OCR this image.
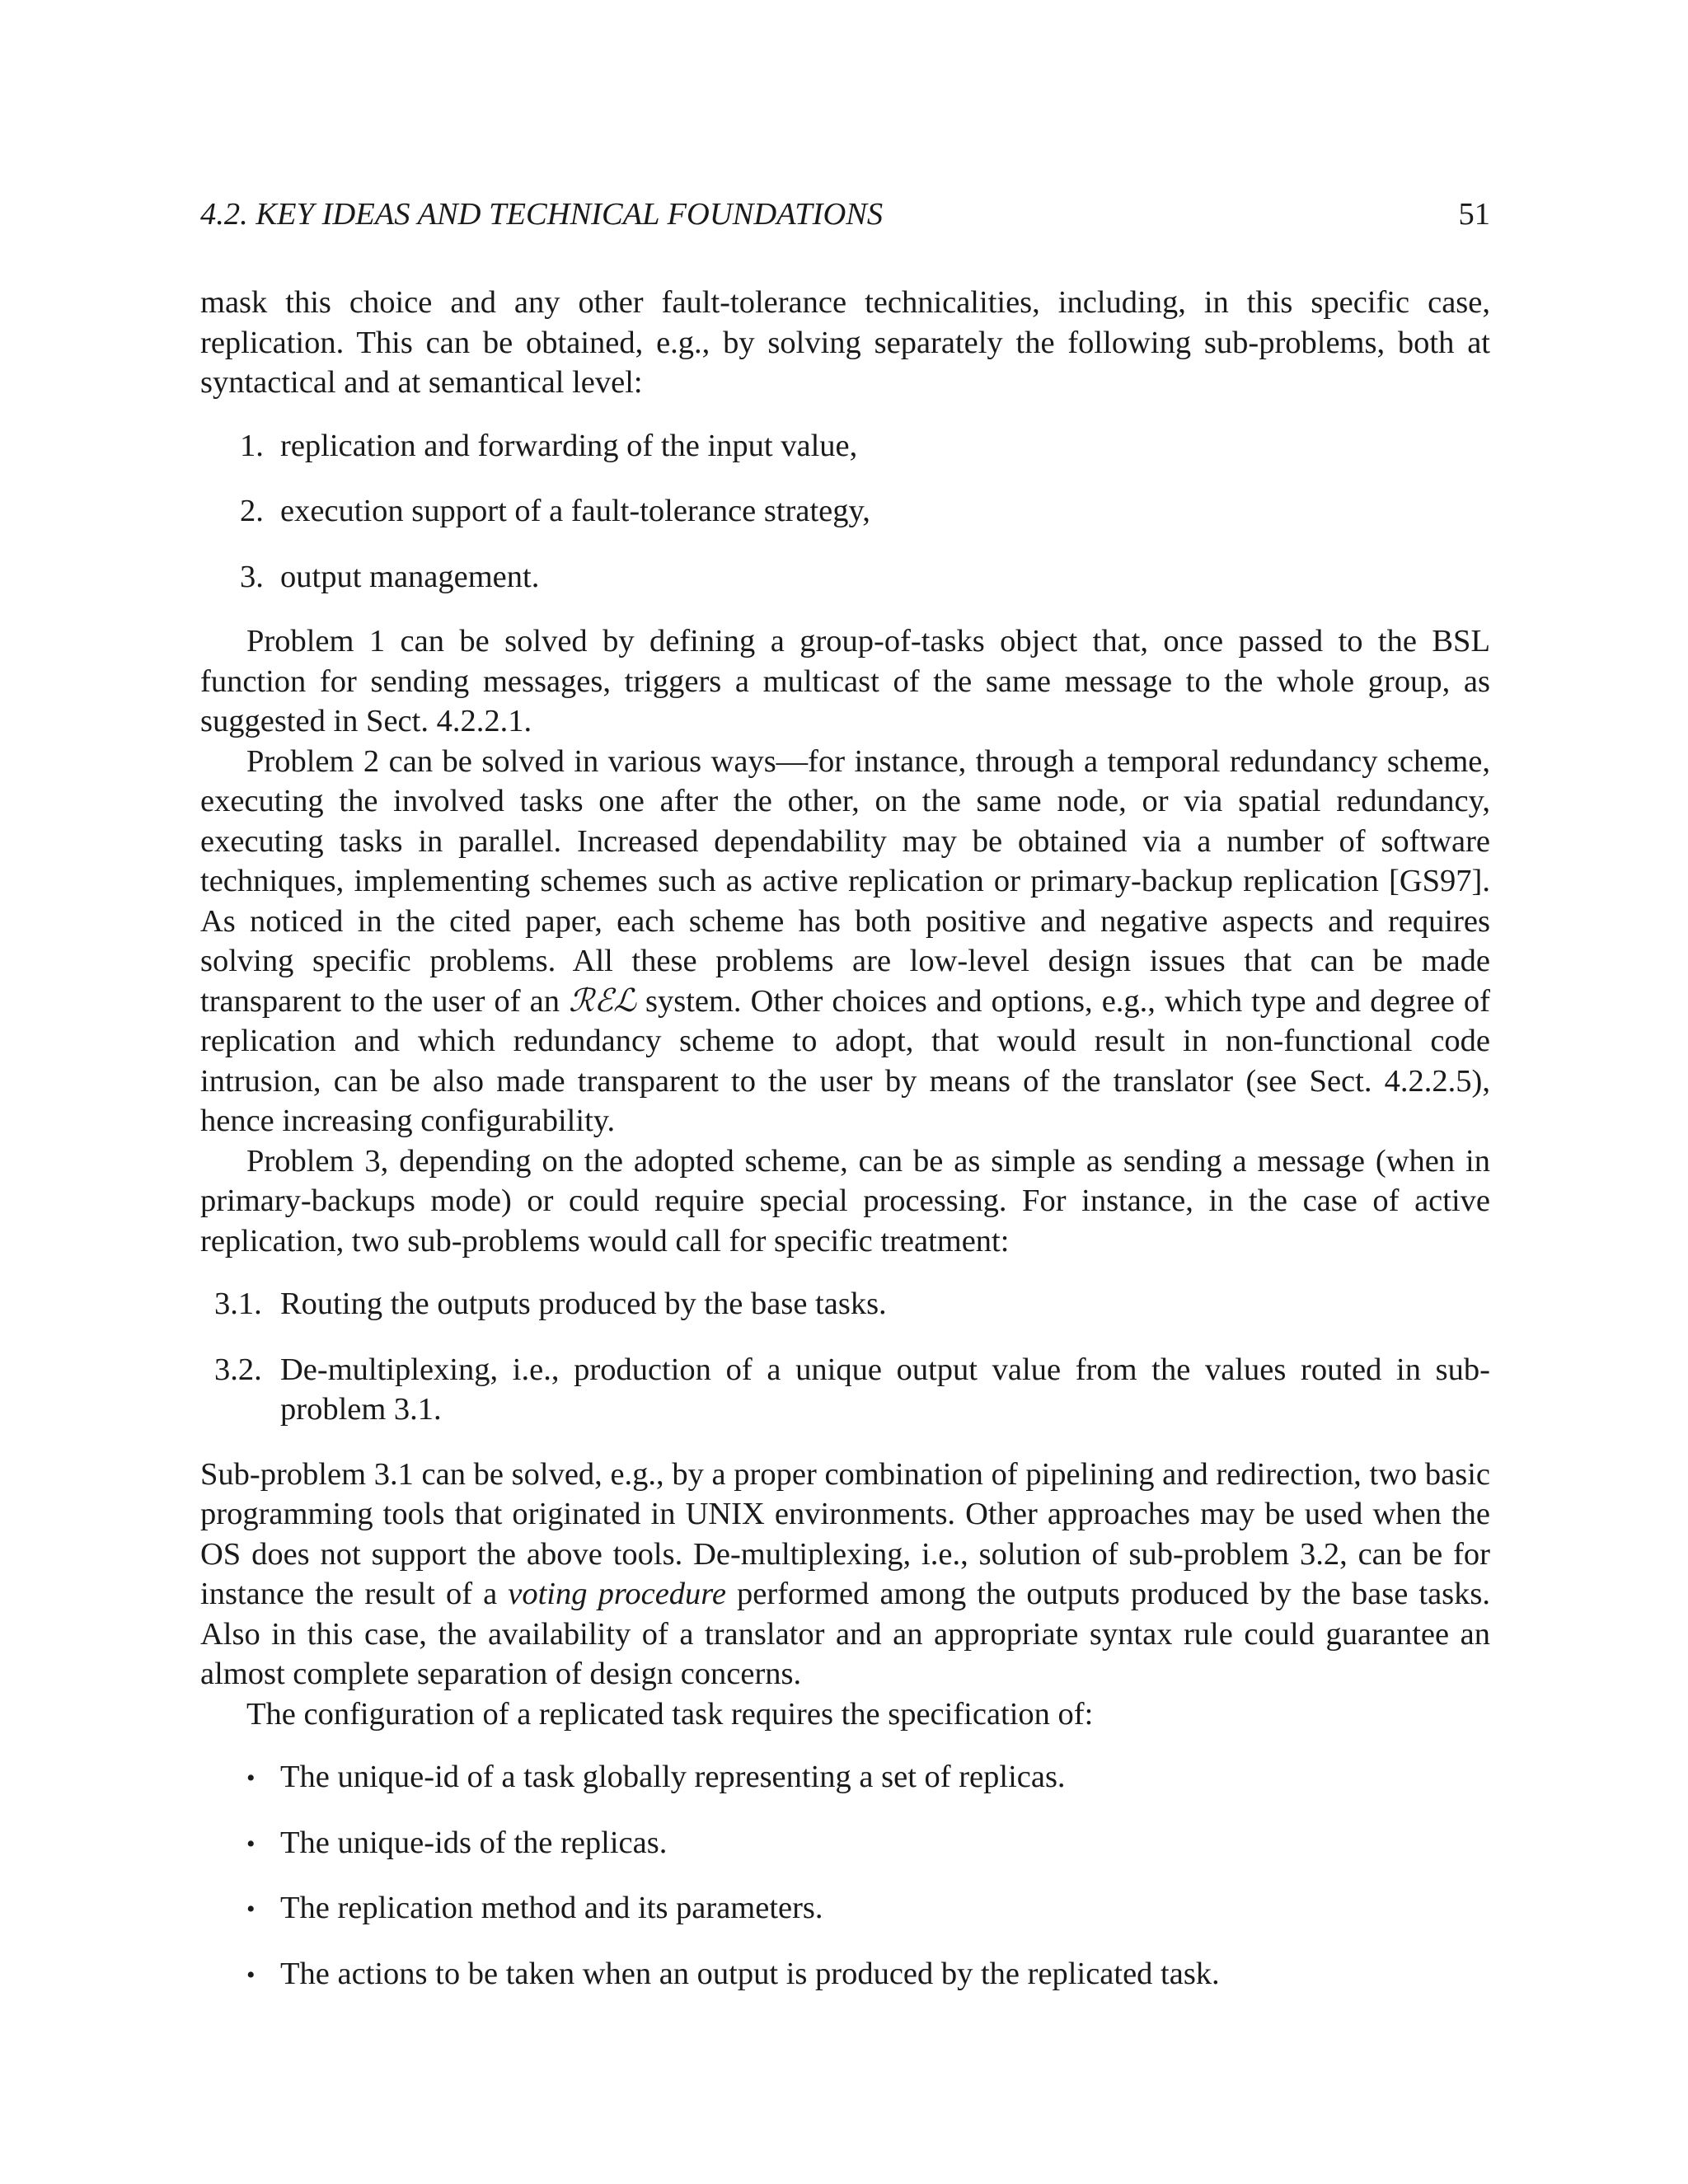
4.2. KEY IDEAS AND TECHNICAL FOUNDATIONS	51

mask this choice and any other fault-tolerance technicalities, including, in this specific case, replication. This can be obtained, e.g., by solving separately the following sub-problems, both at syntactical and at semantical level:

1. replication and forwarding of the input value,
2. execution support of a fault-tolerance strategy,
3. output management.

Problem 1 can be solved by defining a group-of-tasks object that, once passed to the BSL function for sending messages, triggers a multicast of the same message to the whole group, as suggested in Sect. 4.2.2.1.

Problem 2 can be solved in various ways—for instance, through a temporal redundancy scheme, executing the involved tasks one after the other, on the same node, or via spatial redundancy, executing tasks in parallel. Increased dependability may be obtained via a number of software techniques, implementing schemes such as active replication or primary-backup replication [GS97]. As noticed in the cited paper, each scheme has both positive and negative aspects and requires solving specific problems. All these problems are low-level design issues that can be made transparent to the user of an ℛℰℒ system. Other choices and options, e.g., which type and degree of replication and which redundancy scheme to adopt, that would result in non-functional code intrusion, can be also made transparent to the user by means of the translator (see Sect. 4.2.2.5), hence increasing configurability.

Problem 3, depending on the adopted scheme, can be as simple as sending a message (when in primary-backups mode) or could require special processing. For instance, in the case of active replication, two sub-problems would call for specific treatment:

3.1. Routing the outputs produced by the base tasks.
3.2. De-multiplexing, i.e., production of a unique output value from the values routed in sub-problem 3.1.

Sub-problem 3.1 can be solved, e.g., by a proper combination of pipelining and redirection, two basic programming tools that originated in UNIX environments. Other approaches may be used when the OS does not support the above tools. De-multiplexing, i.e., solution of sub-problem 3.2, can be for instance the result of a voting procedure performed among the outputs produced by the base tasks. Also in this case, the availability of a translator and an appropriate syntax rule could guarantee an almost complete separation of design concerns.

The configuration of a replicated task requires the specification of:

• The unique-id of a task globally representing a set of replicas.
• The unique-ids of the replicas.
• The replication method and its parameters.
• The actions to be taken when an output is produced by the replicated task.
